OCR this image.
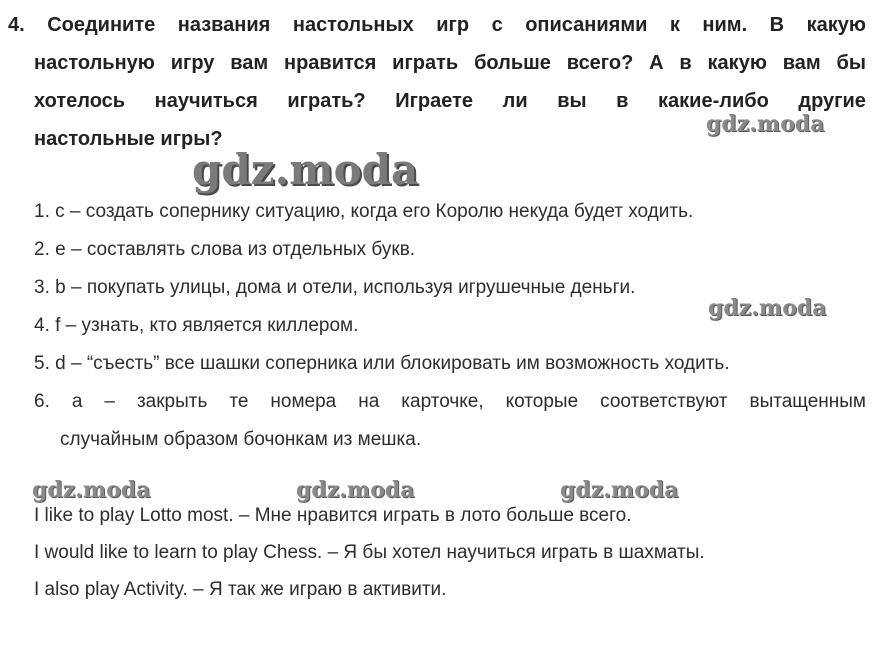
4. Соедините названия настольных игр с описаниями к ним. В какую
настольную игру вам нравится играть больше всего? А в какую вам бы
хотелось научиться играть? Играете ли вы в какие-либо другие
настольные игры?
gdz.moda
gdz.moda
1. c – создать сопернику ситуацию, когда его Королю некуда будет ходить.
2. e – составлять слова из отдельных букв.
3. b – покупать улицы, дома и отели, используя игрушечные деньги.
4. f – узнать, кто является киллером.
5. d – “съесть” все шашки соперника или блокировать им возможность ходить.
6. a – закрыть те номера на карточке, которые соответствуют вытащенным
случайным образом бочонкам из мешка.
gdz.moda
gdz.moda	gdz.moda	gdz.moda
I like to play Lotto most. – Мне нравится играть в лото больше всего.
I would like to learn to play Chess. – Я бы хотел научиться играть в шахматы.
I also play Activity. – Я так же играю в активити.
